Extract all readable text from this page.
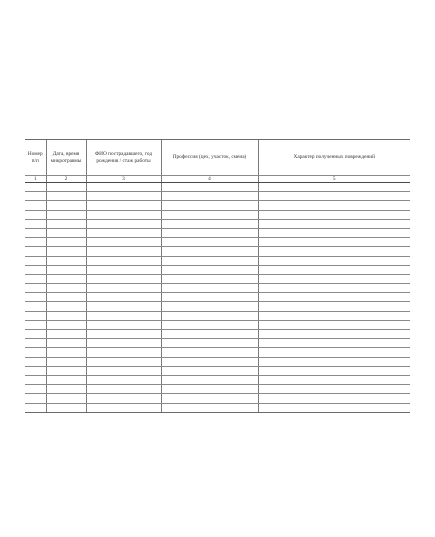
Номер п/п	Дата, время микротравмы	ФИО пострадавшего, год рождения / стаж работы	Профессия (цех, участок, смена)	Характер полученных повреждений
1	2	3	4	5
